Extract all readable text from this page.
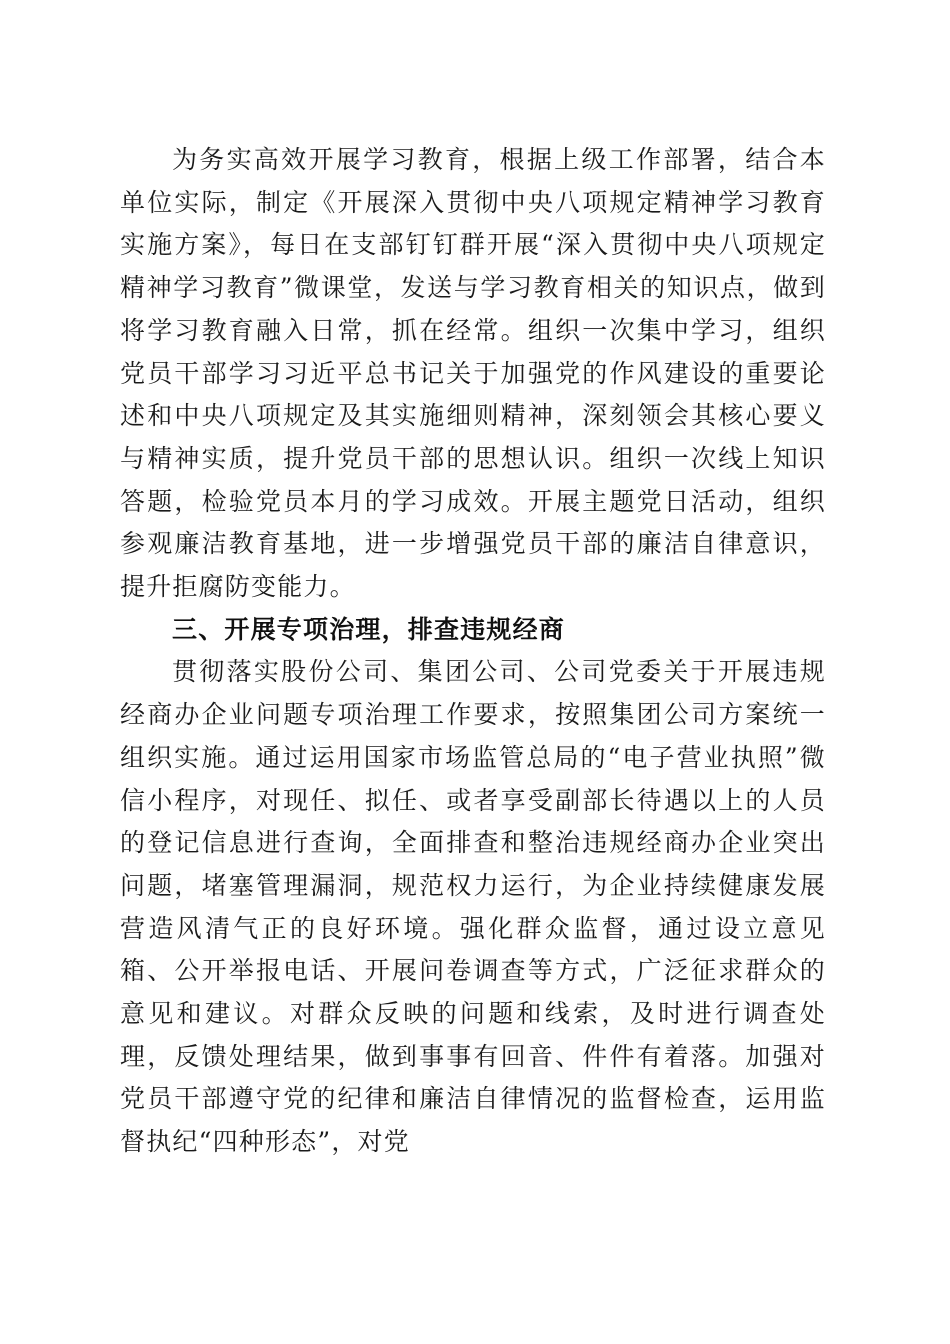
为务实高效开展学习教育，根据上级工作部署，结合本单位实际，制定《开展深入贯彻中央八项规定精神学习教育实施方案》，每日在支部钉钉群开展“深入贯彻中央八项规定精神学习教育”微课堂，发送与学习教育相关的知识点，做到将学习教育融入日常，抓在经常。组织一次集中学习，组织党员干部学习习近平总书记关于加强党的作风建设的重要论述和中央八项规定及其实施细则精神，深刻领会其核心要义与精神实质，提升党员干部的思想认识。组织一次线上知识答题，检验党员本月的学习成效。开展主题党日活动，组织参观廉洁教育基地，进一步增强党员干部的廉洁自律意识，提升拒腐防变能力。

三、开展专项治理，排查违规经商

贯彻落实股份公司、集团公司、公司党委关于开展违规经商办企业问题专项治理工作要求，按照集团公司方案统一组织实施。通过运用国家市场监管总局的“电子营业执照”微信小程序，对现任、拟任、或者享受副部长待遇以上的人员的登记信息进行查询，全面排查和整治违规经商办企业突出问题，堵塞管理漏洞，规范权力运行，为企业持续健康发展营造风清气正的良好环境。强化群众监督，通过设立意见箱、公开举报电话、开展问卷调查等方式，广泛征求群众的意见和建议。对群众反映的问题和线索，及时进行调查处理，反馈处理结果，做到事事有回音、件件有着落。加强对党员干部遵守党的纪律和廉洁自律情况的监督检查，运用监督执纪“四种形态”，对党
